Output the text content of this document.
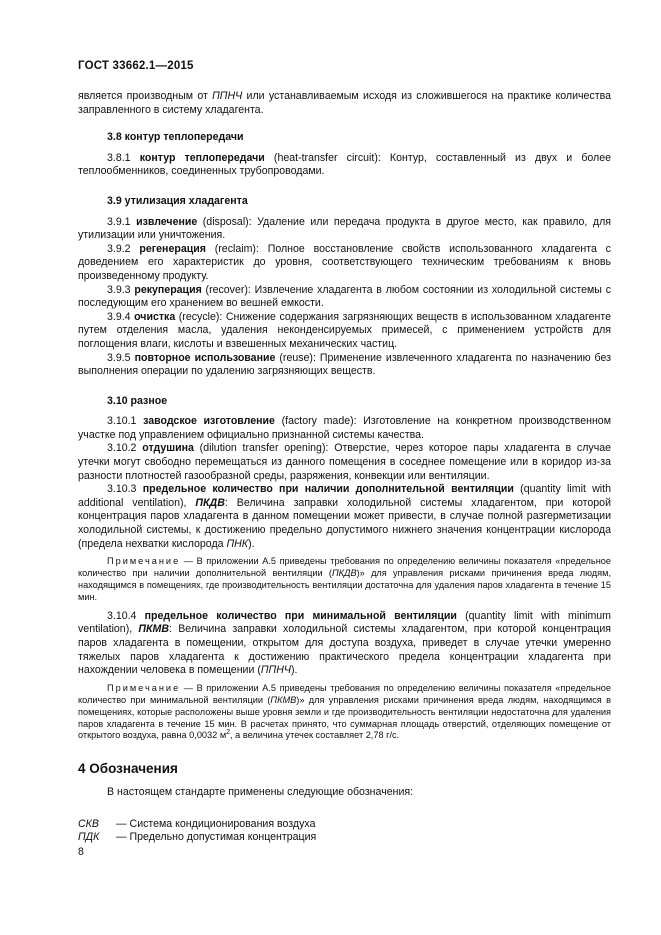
ГОСТ 33662.1—2015

является производным от ППНЧ или устанавливаемым исходя из сложившегося на практике количества заправленного в систему хладагента.

3.8 контур теплопередачи

3.8.1 контур теплопередачи (heat-transfer circuit): Контур, составленный из двух и более теплообменников, соединенных трубопроводами.

3.9 утилизация хладагента

3.9.1 извлечение (disposal): Удаление или передача продукта в другое место, как правило, для утилизации или уничтожения.

3.9.2 регенерация (reclaim): Полное восстановление свойств использованного хладагента с доведением его характеристик до уровня, соответствующего техническим требованиям к вновь произведенному продукту.

3.9.3 рекуперация (recover): Извлечение хладагента в любом состоянии из холодильной системы с последующим его хранением во вешней емкости.

3.9.4 очистка (recycle): Снижение содержания загрязняющих веществ в использованном хладагенте путем отделения масла, удаления неконденсируемых примесей, с применением устройств для поглощения влаги, кислоты и взвешенных механических частиц.

3.9.5 повторное использование (reuse): Применение извлеченного хладагента по назначению без выполнения операции по удалению загрязняющих веществ.

3.10 разное

3.10.1 заводское изготовление (factory made): Изготовление на конкретном производственном участке под управлением официально признанной системы качества.

3.10.2 отдушина (dilution transfer opening): Отверстие, через которое пары хладагента в случае утечки могут свободно перемещаться из данного помещения в соседнее помещение или в коридор из-за разности плотностей газообразной среды, разряжения, конвекции или вентиляции.

3.10.3 предельное количество при наличии дополнительной вентиляции (quantity limit with additional ventilation), ПКДВ: Величина заправки холодильной системы хладагентом, при которой концентрация паров хладагента в данном помещении может привести, в случае полной разгерметизации холодильной системы, к достижению предельно допустимого нижнего значения концентрации кислорода (предела нехватки кислорода ПНК).

Примечание — В приложении А.5 приведены требования по определению величины показателя «предельное количество при наличии дополнительной вентиляции (ПКДВ)» для управления рисками причинения вреда людям, находящимся в помещениях, где производительность вентиляции достаточна для удаления паров хладагента в течение 15 мин.

3.10.4 предельное количество при минимальной вентиляции (quantity limit with minimum ventilation), ПКМВ: Величина заправки холодильной системы хладагентом, при которой концентрация паров хладагента в помещении, открытом для доступа воздуха, приведет в случае утечки умеренно тяжелых паров хладагента к достижению практического предела концентрации хладагента при нахождении человека в помещении (ППНЧ).

Примечание — В приложении А.5 приведены требования по определению величины показателя «предельное количество при минимальной вентиляции (ПКМВ)» для управления рисками причинения вреда людям, находящимся в помещениях, которые расположены выше уровня земли и где производительность вентиляции недостаточна для удаления паров хладагента в течение 15 мин. В расчетах принято, что суммарная площадь отверстий, отделяющих помещение от открытого воздуха, равна 0,0032 $м^2$, а величина утечек составляет 2,78 г/с.

4 Обозначения

В настоящем стандарте применены следующие обозначения:

СКВ	— Система кондиционирования воздуха
ПДК	— Предельно допустимая концентрация
8
